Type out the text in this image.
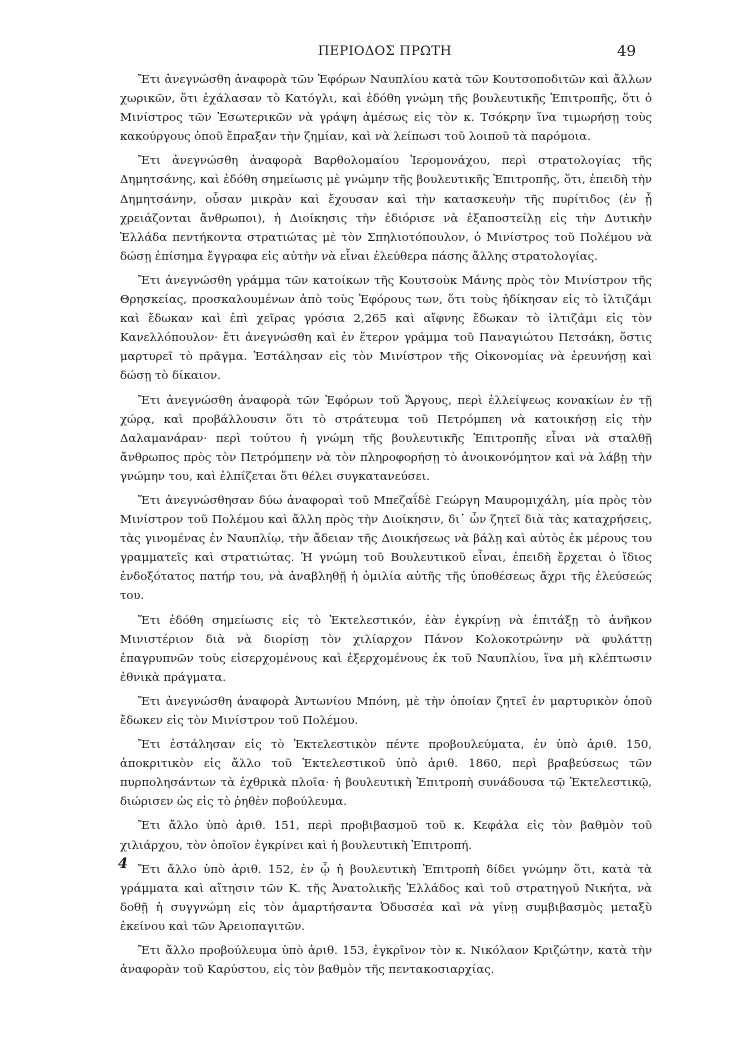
ΠΕΡΙΟΔΟΣ ΠΡΩΤΗ	49

Ἔτι ἀνεγνώσθη ἀναφορὰ τῶν Ἐφόρων Ναυπλίου κατὰ τῶν Κουτσοποδιτῶν καὶ ἄλλων χωρικῶν, ὅτι ἐχάλασαν τὸ Κατόγλι, καὶ ἐδόθη γνώμη τῆς βουλευτικῆς Ἐπιτροπῆς, ὅτι ὁ Μινίστρος τῶν Ἐσωτερικῶν νὰ γράψη ἀμέσως εἰς τὸν κ. Τσόκρην ἵνα τιμωρήσῃ τοὺς κακούργους ὁποῦ ἔπραξαν τὴν ζημίαν, καὶ νὰ λείπωσι τοῦ λοιποῦ τὰ παρόμοια.

Ἔτι ἀνεγνώσθη ἀναφορὰ Βαρθολομαίου Ἱερομονάχου, περὶ στρατολογίας τῆς Δημητσάνης, καὶ ἐδόθη σημείωσις μὲ γνώμην τῆς βουλευτικῆς Ἐπιτροπῆς, ὅτι, ἐπειδὴ τὴν Δημητσάνην, οὖσαν μικρὰν καὶ ἔχουσαν καὶ τὴν κατασκευὴν τῆς πυρίτιδος (ἐν ᾗ χρειάζονται ἄνθρωποι), ἡ Διοίκησις τὴν ἐδιόρισε νὰ ἐξαποστείλῃ εἰς τὴν Δυτικὴν Ἑλλάδα πεντήκοντα στρατιώτας μὲ τὸν Σπηλιοτόπουλον, ὁ Μινίστρος τοῦ Πολέμου νὰ δώσῃ ἐπίσημα ἔγγραφα εἰς αὐτὴν νὰ εἶναι ἐλεύθερα πάσης ἄλλης στρατολογίας.

Ἔτι ἀνεγνώσθη γράμμα τῶν κατοίκων τῆς Κουτσοὺκ Μάνης πρὸς τὸν Μινίστρον τῆς Θρησκείας, προσκαλουμένων ἀπὸ τοὺς Ἐφόρους των, ὅτι τοὺς ἠδίκησαν εἰς τὸ ἰλτιζάμι καὶ ἔδωκαν καὶ ἐπὶ χεῖρας γρόσια 2,265 καὶ αἴφνης ἔδωκαν τὸ ἰλτιζάμι εἰς τὸν Κανελλόπουλον· ἔτι ἀνεγνώσθη καὶ ἐν ἕτερον γράμμα τοῦ Παναγιώτου Πετσάκη, ὅστις μαρτυρεῖ τὸ πρᾶγμα. Ἐστάλησαν εἰς τὸν Μινίστρον τῆς Οἰκονομίας νὰ ἐρευνήσῃ καὶ δώσῃ τὸ δίκαιον.

Ἔτι ἀνεγνώσθη ἀναφορὰ τῶν Ἐφόρων τοῦ Ἄργους, περὶ ἐλλείψεως κονακίων ἐν τῇ χώρᾳ, καὶ προβάλλουσιν ὅτι τὸ στράτευμα τοῦ Πετρόμπεη νὰ κατοικήσῃ εἰς τὴν Δαλαμανάραν· περὶ τούτου ἡ γνώμη τῆς βουλευτικῆς Ἐπιτροπῆς εἶναι νὰ σταλθῇ ἄνθρωπος πρὸς τὸν Πετρόμπεην νὰ τὸν πληροφορήσῃ τὸ ἀνοικονόμητον καὶ νὰ λάβῃ τὴν γνώμην του, καὶ ἐλπίζεται ὅτι θέλει συγκατανεύσει.

Ἔτι ἀνεγνώσθησαν δύω ἀναφοραὶ τοῦ Μπεζαΐδὲ Γεώργη Μαυρομιχάλη, μία πρὸς τὸν Μινίστρον τοῦ Πολέμου καὶ ἄλλη πρὸς τὴν Διοίκησιν, δι᾽ ὧν ζητεῖ διὰ τὰς καταχρήσεις, τὰς γινομένας ἐν Ναυπλίῳ, τὴν ἄδειαν τῆς Διοικήσεως νὰ βάλῃ καὶ αὐτὸς ἐκ μέρους του γραμματεῖς καὶ στρατιώτας. Ἡ γνώμη τοῦ Βουλευτικοῦ εἶναι, ἐπειδὴ ἔρχεται ὁ ἴδιος ἐνδοξότατος πατήρ του, νὰ ἀναβληθῇ ἡ ὁμιλία αὐτῆς τῆς ὑποθέσεως ἄχρι τῆς ἐλεύσεώς του.

Ἔτι ἐδόθη σημείωσις εἰς τὸ Ἐκτελεστικόν, ἐὰν ἐγκρίνῃ νὰ ἐπιτάξῃ τὸ ἀνῆκον Μινιστέριον διὰ νὰ διορίσῃ τὸν χιλίαρχον Πάνον Κολοκοτρώνην νὰ φυλάττῃ ἐπαγρυπνῶν τοὺς εἰσερχομένους καὶ ἐξερχομένους ἐκ τοῦ Ναυπλίου, ἵνα μὴ κλέπτωσιν ἐθνικὰ πράγματα.

Ἔτι ἀνεγνώσθη ἀναφορὰ Ἀντωνίου Μπόνη, μὲ τὴν ὁποίαν ζητεῖ ἐν μαρτυρικὸν ὁποῦ ἔδωκεν εἰς τὸν Μινίστρον τοῦ Πολέμου.

Ἔτι ἐστάλησαν εἰς τὸ Ἐκτελεστικὸν πέντε προβουλεύματα, ἐν ὑπὸ ἀριθ. 150, ἀποκριτικὸν εἰς ἄλλο τοῦ Ἐκτελεστικοῦ ὑπὸ ἀριθ. 1860, περὶ βραβεύσεως τῶν πυρπολησάντων τὰ ἐχθρικὰ πλοῖα· ἡ βουλευτικὴ Ἐπιτροπὴ συνάδουσα τῷ Ἐκτελεστικῷ, διώρισεν ὡς εἰς τὸ ῥηθὲν ποβούλευμα.

Ἔτι ἄλλο ὑπὸ ἀριθ. 151, περὶ προβιβασμοῦ τοῦ κ. Κεφάλα εἰς τὸν βαθμὸν τοῦ χιλιάρχου, τὸν ὁποῖον ἐγκρίνει καὶ ἡ βουλευτικὴ Ἐπιτροπή.

Ἔτι ἄλλο ὑπὸ ἀριθ. 152, ἐν ᾧ ἡ βουλευτικὴ Ἐπιτροπὴ δίδει γνώμην ὅτι, κατὰ τὰ γράμματα καὶ αἴτησιν τῶν Κ. τῆς Ἀνατολικῆς Ἑλλάδος καὶ τοῦ στρατηγοῦ Νικήτα, νὰ δοθῇ ἡ συγγνώμη εἰς τὸν ἁμαρτήσαντα Ὀδυσσέα καὶ νὰ γίνῃ συμβιβασμὸς μεταξὺ ἐκείνου καὶ τῶν Ἀρειοπαγιτῶν.

Ἔτι ἄλλο προβούλευμα ὑπὸ ἀριθ. 153, ἐγκρῖνον τὸν κ. Νικόλαον Κριζώτην, κατὰ τὴν ἀναφορὰν τοῦ Καρύστου, εἰς τὸν βαθμὸν τῆς πεντακοσιαρχίας.

4
